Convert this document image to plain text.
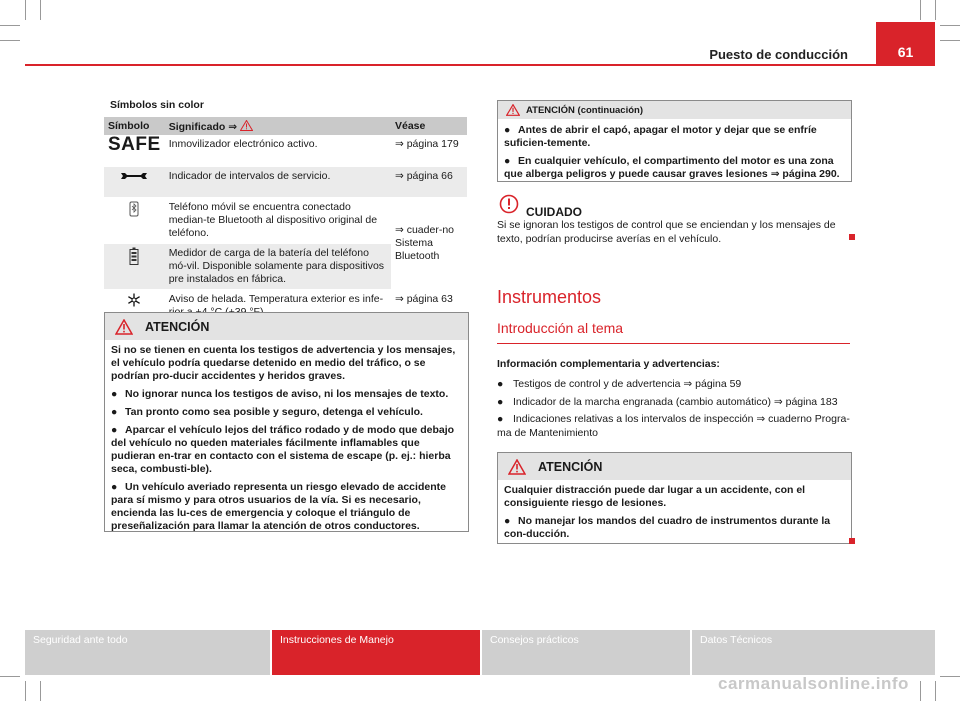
Puesto de conducción	61
Símbolos sin color
Símbolo	Significado ⇒	Véase
SAFE	Inmovilizador electrónico activo.	⇒ página 179
	Indicador de intervalos de servicio.	⇒ página 66
	Teléfono móvil se encuentra conectado median-te Bluetooth al dispositivo original de teléfono.	⇒ cuader-no Sistema Bluetooth
	Medidor de carga de la batería del teléfono mó-vil. Disponible solamente para dispositivos pre instalados en fábrica.	
	Aviso de helada. Temperatura exterior es infe-	⇒ página 63
ATENCIÓN

Si no se tienen en cuenta los testigos de advertencia y los mensajes, el vehículo podría quedarse detenido en medio del tráfico, o se podrían pro-ducir accidentes y heridos graves.

● No ignorar nunca los testigos de aviso, ni los mensajes de texto.

● Tan pronto como sea posible y seguro, detenga el vehículo.

● Aparcar el vehículo lejos del tráfico rodado y de modo que debajo del vehículo no queden materiales fácilmente inflamables que pudieran en-trar en contacto con el sistema de escape (p. ej.: hierba seca, combusti-ble).

● Un vehículo averiado representa un riesgo elevado de accidente para sí mismo y para otros usuarios de la vía. Si es necesario, encienda las lu-ces de emergencia y coloque el triángulo de preseñalización para llamar la atención de otros conductores.

ATENCIÓN (continuación)

● Antes de abrir el capó, apagar el motor y dejar que se enfríe suficien-temente.

● En cualquier vehículo, el compartimento del motor es una zona que alberga peligros y puede causar graves lesiones ⇒ página 290.

CUIDADO
Si se ignoran los testigos de control que se enciendan y los mensajes de texto, podrían producirse averías en el vehículo.
Instrumentos
Introducción al tema
Información complementaria y advertencias:
● Testigos de control y de advertencia ⇒ página 59
● Indicador de la marcha engranada (cambio automático) ⇒ página 183
● Indicaciones relativas a los intervalos de inspección ⇒ cuaderno Progra-ma de Mantenimiento
ATENCIÓN

Cualquier distracción puede dar lugar a un accidente, con el consiguiente riesgo de lesiones.

● No manejar los mandos del cuadro de instrumentos durante la con-ducción.

Seguridad ante todo	Instrucciones de Manejo	Consejos prácticos	Datos Técnicos
carmanualsonline.info
